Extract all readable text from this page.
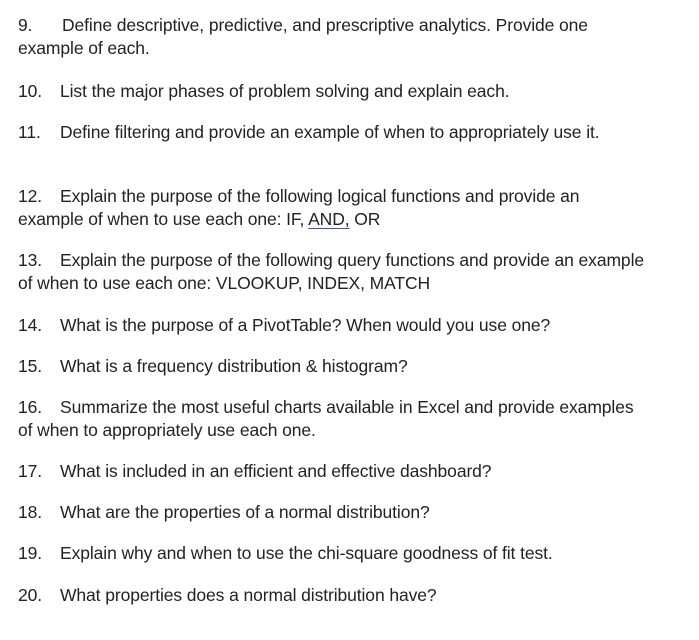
9. Define descriptive, predictive, and prescriptive analytics. Provide one example of each.

10. List the major phases of problem solving and explain each.

11. Define filtering and provide an example of when to appropriately use it.

12. Explain the purpose of the following logical functions and provide an example of when to use each one: IF, AND, OR

13. Explain the purpose of the following query functions and provide an example of when to use each one: VLOOKUP, INDEX, MATCH

14. What is the purpose of a PivotTable? When would you use one?

15. What is a frequency distribution & histogram?

16. Summarize the most useful charts available in Excel and provide examples of when to appropriately use each one.

17. What is included in an efficient and effective dashboard?

18. What are the properties of a normal distribution?

19. Explain why and when to use the chi-square goodness of fit test.

20. What properties does a normal distribution have?
